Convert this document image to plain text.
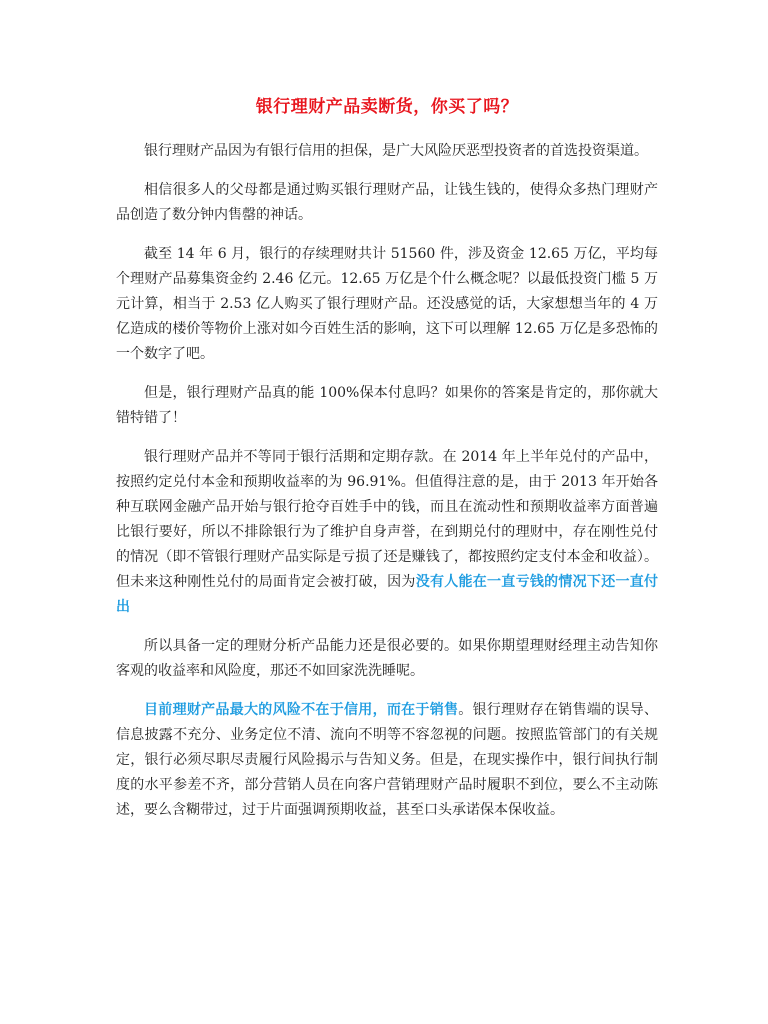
银行理财产品卖断货，你买了吗？

银行理财产品因为有银行信用的担保，是广大风险厌恶型投资者的首选投资渠道。

相信很多人的父母都是通过购买银行理财产品，让钱生钱的，使得众多热门理财产品创造了数分钟内售罄的神话。

截至 14 年 6 月，银行的存续理财共计 51560 件，涉及资金 12.65 万亿，平均每个理财产品募集资金约 2.46 亿元。12.65 万亿是个什么概念呢？以最低投资门槛 5 万元计算，相当于 2.53 亿人购买了银行理财产品。还没感觉的话，大家想想当年的 4 万亿造成的楼价等物价上涨对如今百姓生活的影响，这下可以理解 12.65 万亿是多恐怖的一个数字了吧。

但是，银行理财产品真的能 100%保本付息吗？如果你的答案是肯定的，那你就大错特错了！

银行理财产品并不等同于银行活期和定期存款。在 2014 年上半年兑付的产品中，按照约定兑付本金和预期收益率的为 96.91%。但值得注意的是，由于 2013 年开始各种互联网金融产品开始与银行抢夺百姓手中的钱，而且在流动性和预期收益率方面普遍比银行要好，所以不排除银行为了维护自身声誉，在到期兑付的理财中，存在刚性兑付的情况（即不管银行理财产品实际是亏损了还是赚钱了，都按照约定支付本金和收益）。但未来这种刚性兑付的局面肯定会被打破，因为没有人能在一直亏钱的情况下还一直付出

所以具备一定的理财分析产品能力还是很必要的。如果你期望理财经理主动告知你客观的收益率和风险度，那还不如回家洗洗睡呢。

目前理财产品最大的风险不在于信用，而在于销售。银行理财存在销售端的误导、信息披露不充分、业务定位不清、流向不明等不容忽视的问题。按照监管部门的有关规定，银行必须尽职尽责履行风险揭示与告知义务。但是，在现实操作中，银行间执行制度的水平参差不齐，部分营销人员在向客户营销理财产品时履职不到位，要么不主动陈述，要么含糊带过，过于片面强调预期收益，甚至口头承诺保本保收益。
